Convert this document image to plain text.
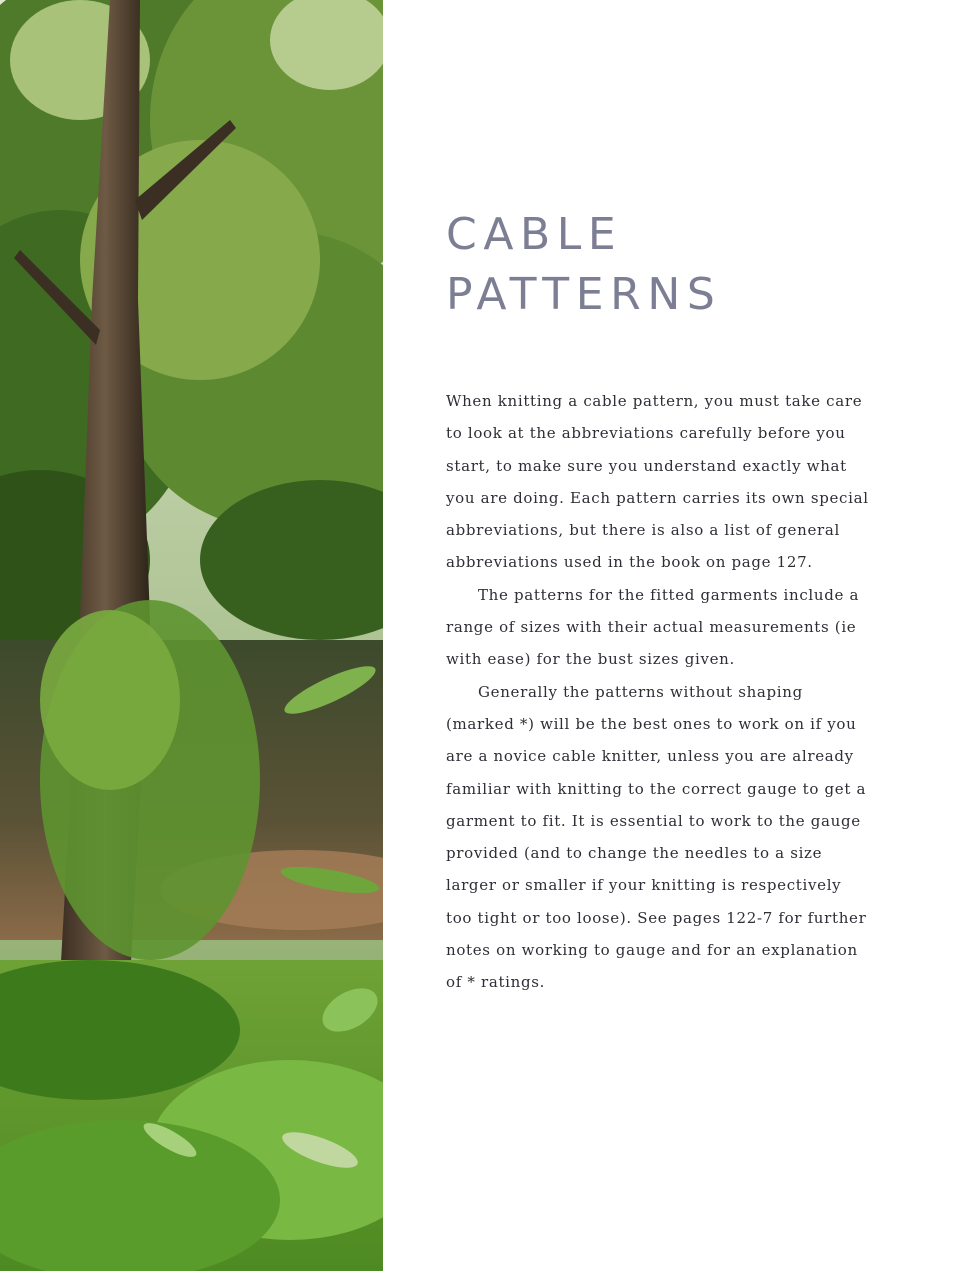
CABLE
PATTERNS

When knitting a cable pattern, you must take care
to look at the abbreviations carefully before you
start, to make sure you understand exactly what
you are doing. Each pattern carries its own special
abbreviations, but there is also a list of general
abbreviations used in the book on page 127.

The patterns for the fitted garments include a
range of sizes with their actual measurements (ie
with ease) for the bust sizes given.

Generally the patterns without shaping
(marked *) will be the best ones to work on if you
are a novice cable knitter, unless you are already
familiar with knitting to the correct gauge to get a
garment to fit. It is essential to work to the gauge
provided (and to change the needles to a size
larger or smaller if your knitting is respectively
too tight or too loose). See pages 122-7 for further
notes on working to gauge and for an explanation
of * ratings.
